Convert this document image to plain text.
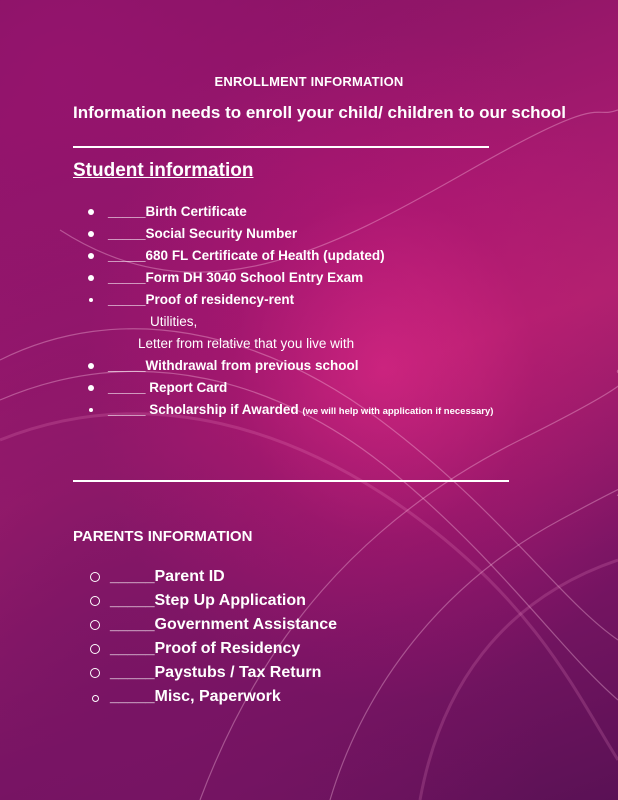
ENROLLMENT INFORMATION
Information needs to enroll your child/ children to our school
Student information
_____Birth Certificate
_____Social Security Number
_____680 FL Certificate of Health (updated)
_____Form DH 3040 School Entry Exam
_____Proof of residency-rent
Utilities,
Letter from relative that you live with
_____Withdrawal from previous school
_____ Report Card
_____ Scholarship if Awarded (we will help with application if necessary)
PARENTS INFORMATION
_____Parent ID
_____Step Up Application
_____Government Assistance
_____Proof of Residency
_____Paystubs / Tax Return
_____Misc, Paperwork
